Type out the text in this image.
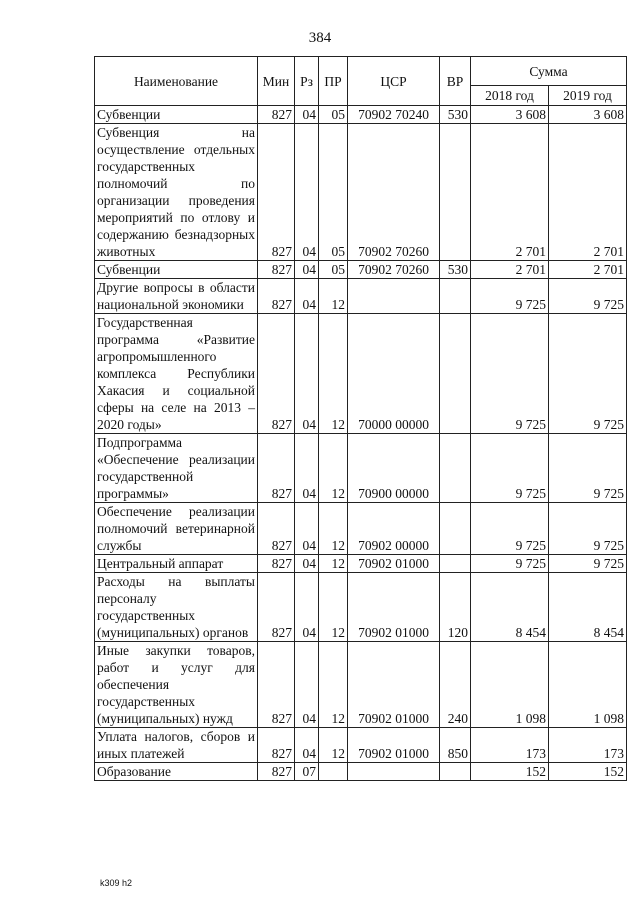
384
Наименование	Мин	Рз	ПР	ЦСР	ВР	Сумма	
						2018 год	2019 год
Субвенции	827	04	05	70902 70240	530	3 608	3 608
Субвенция на осуществление отдельных государственных полномочий по организации проведения мероприятий по отлову и содержанию безнадзорных животных	827	04	05	70902 70260		2 701	2 701
Субвенции	827	04	05	70902 70260	530	2 701	2 701
Другие вопросы в области национальной экономики	827	04	12			9 725	9 725
Государственная программа «Развитие агропромышленного комплекса Республики Хакасия и социальной сферы на селе на 2013 – 2020 годы»	827	04	12	70000 00000		9 725	9 725
Подпрограмма «Обеспечение реализации государственной программы»	827	04	12	70900 00000		9 725	9 725
Обеспечение реализации полномочий ветеринарной службы	827	04	12	70902 00000		9 725	9 725
Центральный аппарат	827	04	12	70902 01000		9 725	9 725
Расходы на выплаты персоналу государственных (муниципальных) органов	827	04	12	70902 01000	120	8 454	8 454
Иные закупки товаров, работ и услуг для обеспечения государственных (муниципальных) нужд	827	04	12	70902 01000	240	1 098	1 098
Уплата налогов, сборов и иных платежей	827	04	12	70902 01000	850	173	173
Образование	827	07				152	152
k309 h2
